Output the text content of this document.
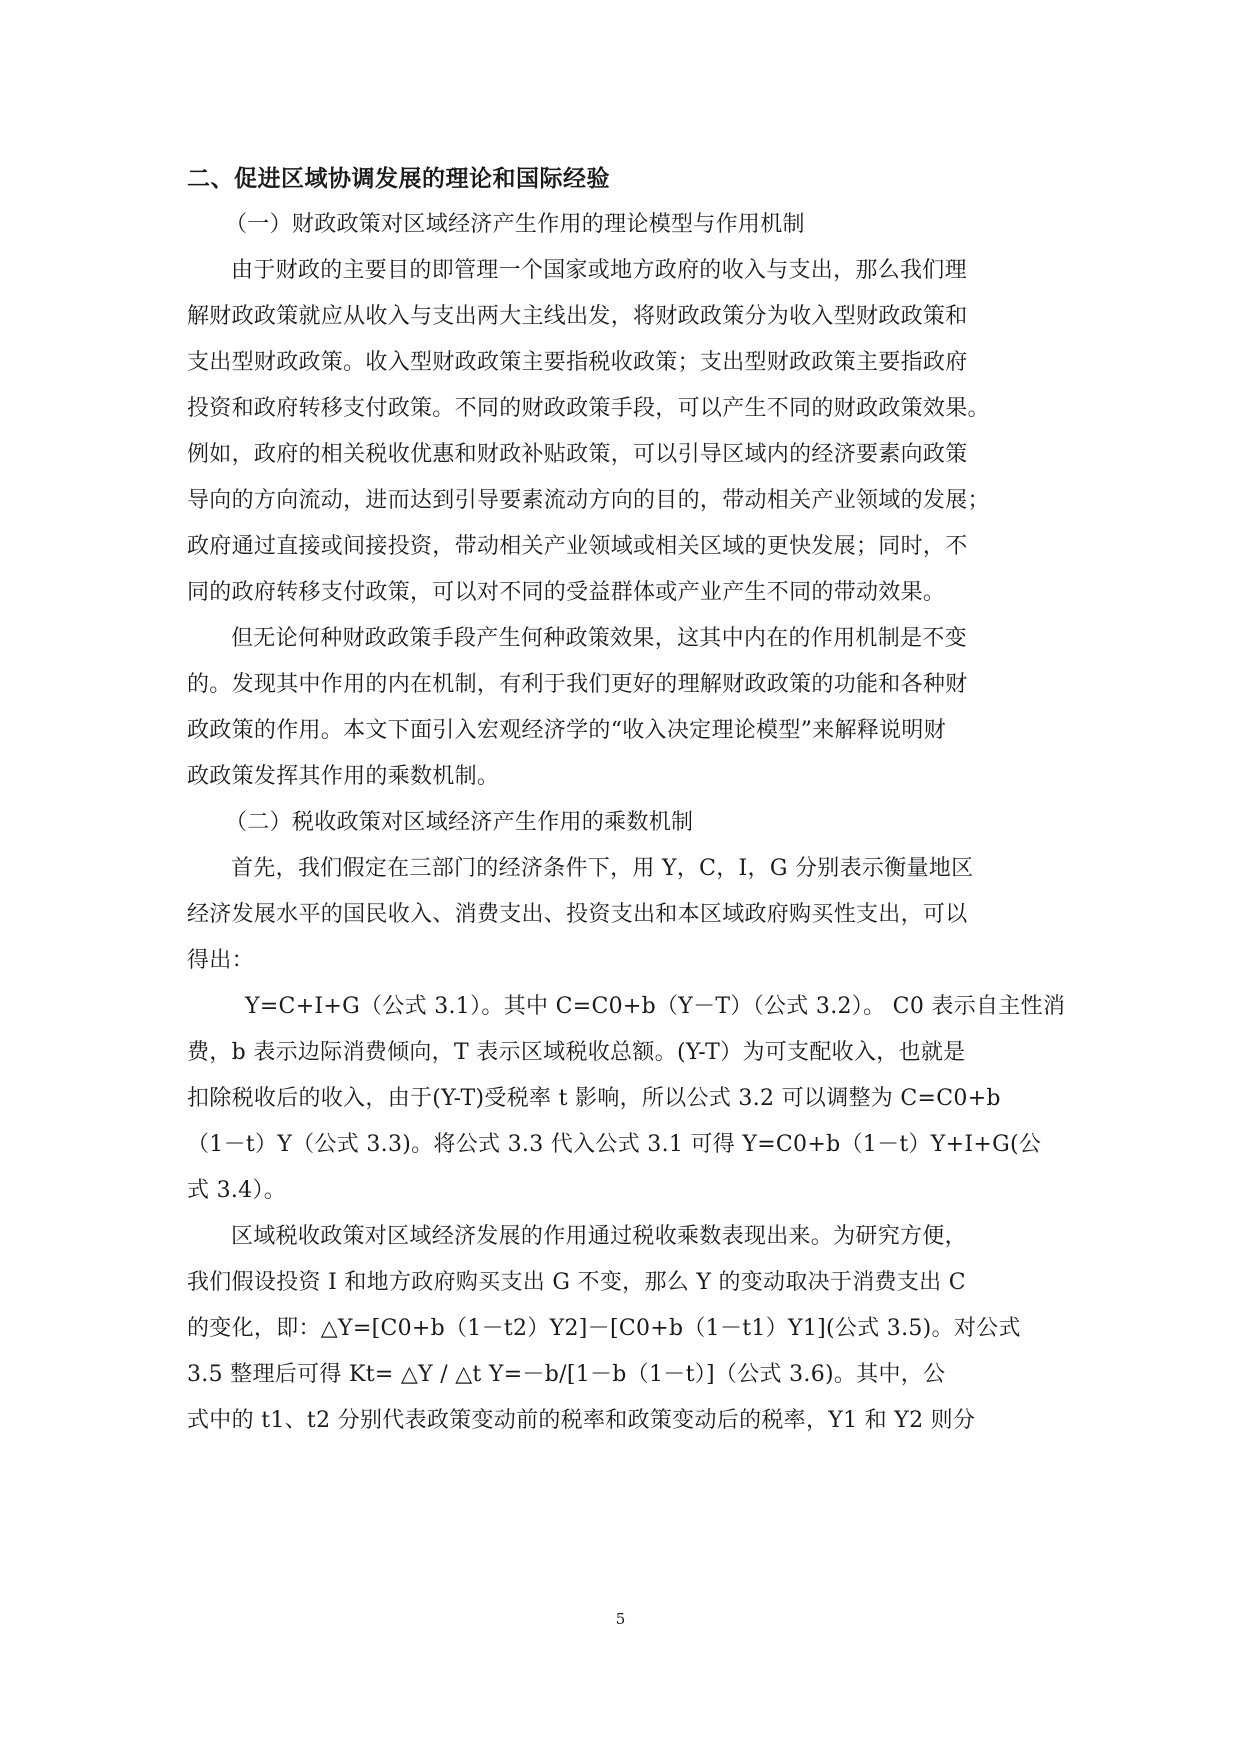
二、促进区域协调发展的理论和国际经验
（一）财政政策对区域经济产生作用的理论模型与作用机制
由于财政的主要目的即管理一个国家或地方政府的收入与支出，那么我们理
解财政政策就应从收入与支出两大主线出发，将财政政策分为收入型财政政策和
支出型财政政策。收入型财政政策主要指税收政策；支出型财政政策主要指政府
投资和政府转移支付政策。不同的财政政策手段，可以产生不同的财政政策效果。
例如，政府的相关税收优惠和财政补贴政策，可以引导区域内的经济要素向政策
导向的方向流动，进而达到引导要素流动方向的目的，带动相关产业领域的发展；
政府通过直接或间接投资，带动相关产业领域或相关区域的更快发展；同时，不
同的政府转移支付政策，可以对不同的受益群体或产业产生不同的带动效果。
但无论何种财政政策手段产生何种政策效果，这其中内在的作用机制是不变
的。发现其中作用的内在机制，有利于我们更好的理解财政政策的功能和各种财
政政策的作用。本文下面引入宏观经济学的“收入决定理论模型”来解释说明财
政政策发挥其作用的乘数机制。
（二）税收政策对区域经济产生作用的乘数机制
首先，我们假定在三部门的经济条件下，用 Y，C，I，G 分别表示衡量地区
经济发展水平的国民收入、消费支出、投资支出和本区域政府购买性支出，可以
得出：
Y=C+I+G（公式 3.1）。其中 C=C0+b（Y－T）（公式 3.2）。 C0 表示自主性消
费，b 表示边际消费倾向，T 表示区域税收总额。(Y-T）为可支配收入，也就是
扣除税收后的收入，由于(Y-T)受税率 t 影响，所以公式 3.2 可以调整为 C=C0+b
（1－t）Y（公式 3.3)。将公式 3.3 代入公式 3.1 可得 Y=C0+b（1－t）Y+I+G(公
式 3.4）。
区域税收政策对区域经济发展的作用通过税收乘数表现出来。为研究方便，
我们假设投资 I 和地方政府购买支出 G 不变，那么 Y 的变动取决于消费支出 C
的变化，即：△Y=[C0+b（1－t2）Y2]－[C0+b（1－t1）Y1](公式 3.5)。对公式
3.5 整理后可得 Kt= △Y / △t Y=－b/[1－b（1－t）]（公式 3.6)。其中，公
式中的 t1、t2 分别代表政策变动前的税率和政策变动后的税率，Y1 和 Y2 则分
5
